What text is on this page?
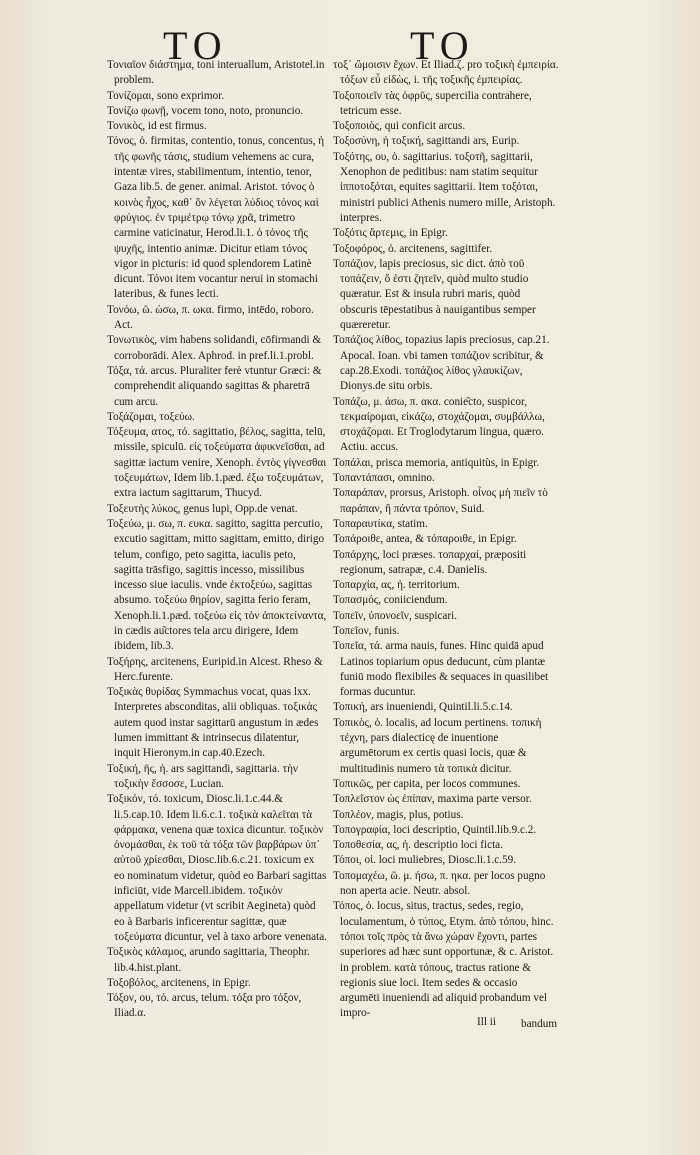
TO	TO

Τονιαῖον διάστημα, toni interuallum, Aristotel.in problem.

Τονίζομαι, sono exprimor.

Τονίζω φωνῇ, vocem tono, noto, pronuncio.

Τονικὸς, id est firmus.

Τόνος, ὁ. firmitas, contentio, tonus, concentus, ἡ τῆς φωνῆς τάσις, studium vehemens ac cura, intentæ vires, stabilimentum, intentio, tenor, Gaza lib.5. de gener. animal. Aristot. τόνος ὁ κοινὸς ἦχος, καθ᾽ ὃν λέγεται λύδιος τόνος καὶ φρύγιος. ἐν τριμέτρῳ τόνῳ χρᾶ, trimetro carmine vaticinatur, Herod.li.1. ὁ τόνος τῆς ψυχῆς, intentio animæ. Dicitur etiam τόνος vigor in picturis: id quod splendorem Latinè dicunt. Τόνοι item vocantur nerui in stomachi lateribus, & funes lecti.

Τονόω, ῶ. ώσω, π. ωκα. firmo, intēdo, roboro. Act.

Τονωτικὸς, vim habens solidandi, cōfirmandi & corroborādi. Alex. Aphrod. in pref.li.1.probl.

Τόξα, τά. arcus. Pluraliter ferè vtuntur Græci: & comprehendit aliquando sagittas & pharetrā cum arcu.

Τοξάζομαι, τοξεύω.

Τόξευμα, ατος, τό. sagittatio, βέλος, sagitta, telū, missile, spiculū. εἰς τοξεύματα ἀφικνεῖσθαι, ad sagittæ iactum venire, Xenoph. ἐντὸς γίγνεσθαι τοξευμάτων, Idem lib.1.pæd. ἐξω τοξευμάτων, extra iactum sagittarum, Thucyd.

Τοξευτὴς λύκος, genus lupi, Opp.de venat.

Τοξεύω, μ. σω, π. ευκα. sagitto, sagitta percutio, excutio sagittam, mitto sagittam, emitto, dirigo telum, configo, peto sagitta, iaculis peto, sagitta trāsfigo, sagittis incesso, missilibus incesso siue iaculis. vnde ἐκτοξεύω, sagittas absumo. τοξεύω θηρίον, sagitta ferio feram, Xenoph.li.1.pæd. τοξεύω εἰς τὸν ἀποκτείναντα, in cædis au͂ctores tela arcu dirigere, Idem ibidem, lib.3.

Τοξήρης, arcitenens, Euripid.in Alcest. Rheso & Herc.furente.

Τοξικὰς θυρίδας Symmachus vocat, quas lxx. Interpretes absconditas, alii obliquas. τοξικὰς autem quod instar sagittarū angustum in ædes lumen immittant & intrinsecus dilatentur, inquit Hieronym.in cap.40.Ezech.

Τοξική, ῆς, ἡ. ars sagittandi, sagittaria. τὴν τοξικὴν ἔσσοσε, Lucian.

Τοξικόν, τό. toxicum, Diosc.li.1.c.44.& li.5.cap.10. Idem li.6.c.1. τοξικὰ καλεῖται τὰ φάρμακα, venena quæ toxica dicuntur. τοξικὸν ὀνομάσθαι, ἐκ τοῦ τὰ τόξα τῶν βαρβάρων ὑπ᾽ αὐτοῦ χρίεσθαι, Diosc.lib.6.c.21. toxicum ex eo nominatum videtur, quòd eo Barbari sagittas inficiūt, vide Marcell.ibidem. τοξικὸν appellatum videtur (vt scribit Aegineta) quòd eo à Barbaris inficerentur sagittæ, quæ τοξεύματα dicuntur, vel à taxo arbore venenata.

Τοξικὸς κάλαμος, arundo sagittaria, Theophr. lib.4.hist.plant.

Τοξοβόλος, arcitenens, in Epigr.

Τόξον, ου, τό. arcus, telum. τόξα pro τόξον, Iliad.α.

τοξ᾽ ὤμοισιν ἔχων. Et Iliad.ζ. pro τοξικὴ ἐμπειρία. τόξων εὖ εἰδὼς, i. τῆς τοξικῆς ἐμπειρίας.

Τοξοποιεῖν τὰς ὀφρῦς, supercilia contrahere, tetricum esse.

Τοξοποιὸς, qui conficit arcus.

Τοξοσύνη, ἡ τοξική, sagittandi ars, Eurip.

Τοξότης, ου, ὁ. sagittarius. τοξοτῆ, sagittarii, Xenophon de peditibus: nam statim sequitur ἱπποτοξόται, equites sagittarii. Item τοξόται, ministri publici Athenis numero mille, Aristoph. interpres.

Τοξότις ἄρτεμις, in Epigr.

Τοξοφόρος, ὁ. arcitenens, sagittifer.

Τοπάζιον, lapis preciosus, sic dict. ἀπὸ τοῦ τοπάζειν, ὅ ἐστι ζητεῖν, quòd multo studio quæratur. Est & insula rubri maris, quòd obscuris tēpestatibus à nauigantibus semper quæreretur.

Τοπάζιος λίθος, topazius lapis preciosus, cap.21. Apocal. Ioan. vbi tamen τοπάζιον scribitur, & cap.28.Exodi. τοπάζιος λίθος γλαυκίζων, Dionys.de situ orbis.

Τοπάζω, μ. άσω, π. ακα. conie͂cto, suspicor, τεκμαίρομαι, εἰκάζω, στοχάζομαι, συμβάλλω, στοχάζομαι. Et Troglodytarum lingua, quæro. Actiu. accus.

Τοπάλαι, prisca memoria, antiquitùs, in Epigr.

Τοπαντάπασι, omnino.

Τοπαράπαν, prorsus, Aristoph. οἶνος μὴ πιεῖν τὸ παράπαν, ἢ πάντα τρόπον, Suid.

Τοπαραυτίκα, statim.

Τοπάροιθε, antea, & τόπαροιθε, in Epigr.

Τοπάρχης, loci præses. τοπαρχαί, præpositi regionum, satrapæ, c.4. Danielis.

Τοπαρχία, ας, ἡ. territorium.

Τοπασμός, coniiciendum.

Τοπεῖν, ὑπονοεῖν, suspicari.

Τοπεῖον, funis.

Τοπεῖα, τά. arma nauis, funes. Hinc quidā apud Latinos topiarium opus deducunt, cùm plantæ funiū modo flexibiles & sequaces in quasilibet formas ducuntur.

Τοπική, ars inueniendi, Quintil.li.5.c.14.

Τοπικὸς, ὁ. localis, ad locum pertinens. τοπικὴ τέχνη, pars dialecticę de inuentione argumētorum ex certis quasi locis, quæ & multitudinis numero τὰ τοπικὰ dicitur.

Τοπικῶς, per capita, per locos communes.

Τοπλεῖστον ὡς ἐπίπαν, maxima parte versor.

Τοπλέον, magis, plus, potius.

Τοπογραφία, loci descriptio, Quintil.lib.9.c.2.

Τοποθεσία, ας, ἡ. descriptio loci ficta.

Τόποι, οἱ. loci muliebres, Diosc.li.1.c.59.

Τοπομαχέω, ῶ. μ. ήσω, π. ηκα. per locos pugno non aperta acie. Neutr. absol.

Τόπος, ὁ. locus, situs, tractus, sedes, regio, loculamentum, ὁ τύπος, Etym. ἀπὸ τόπου, hinc. τόποι τοῖς πρὸς τὰ ἄνω χώραν ἔχοντι, partes superiores ad hæc sunt opportunæ, & c. Aristot. in problem. κατὰ τόπους, tractus ratione & regionis siue loci. Item sedes & occasio argumēti inueniendi ad aliquid probandum vel impro-

Ill ii bandum
